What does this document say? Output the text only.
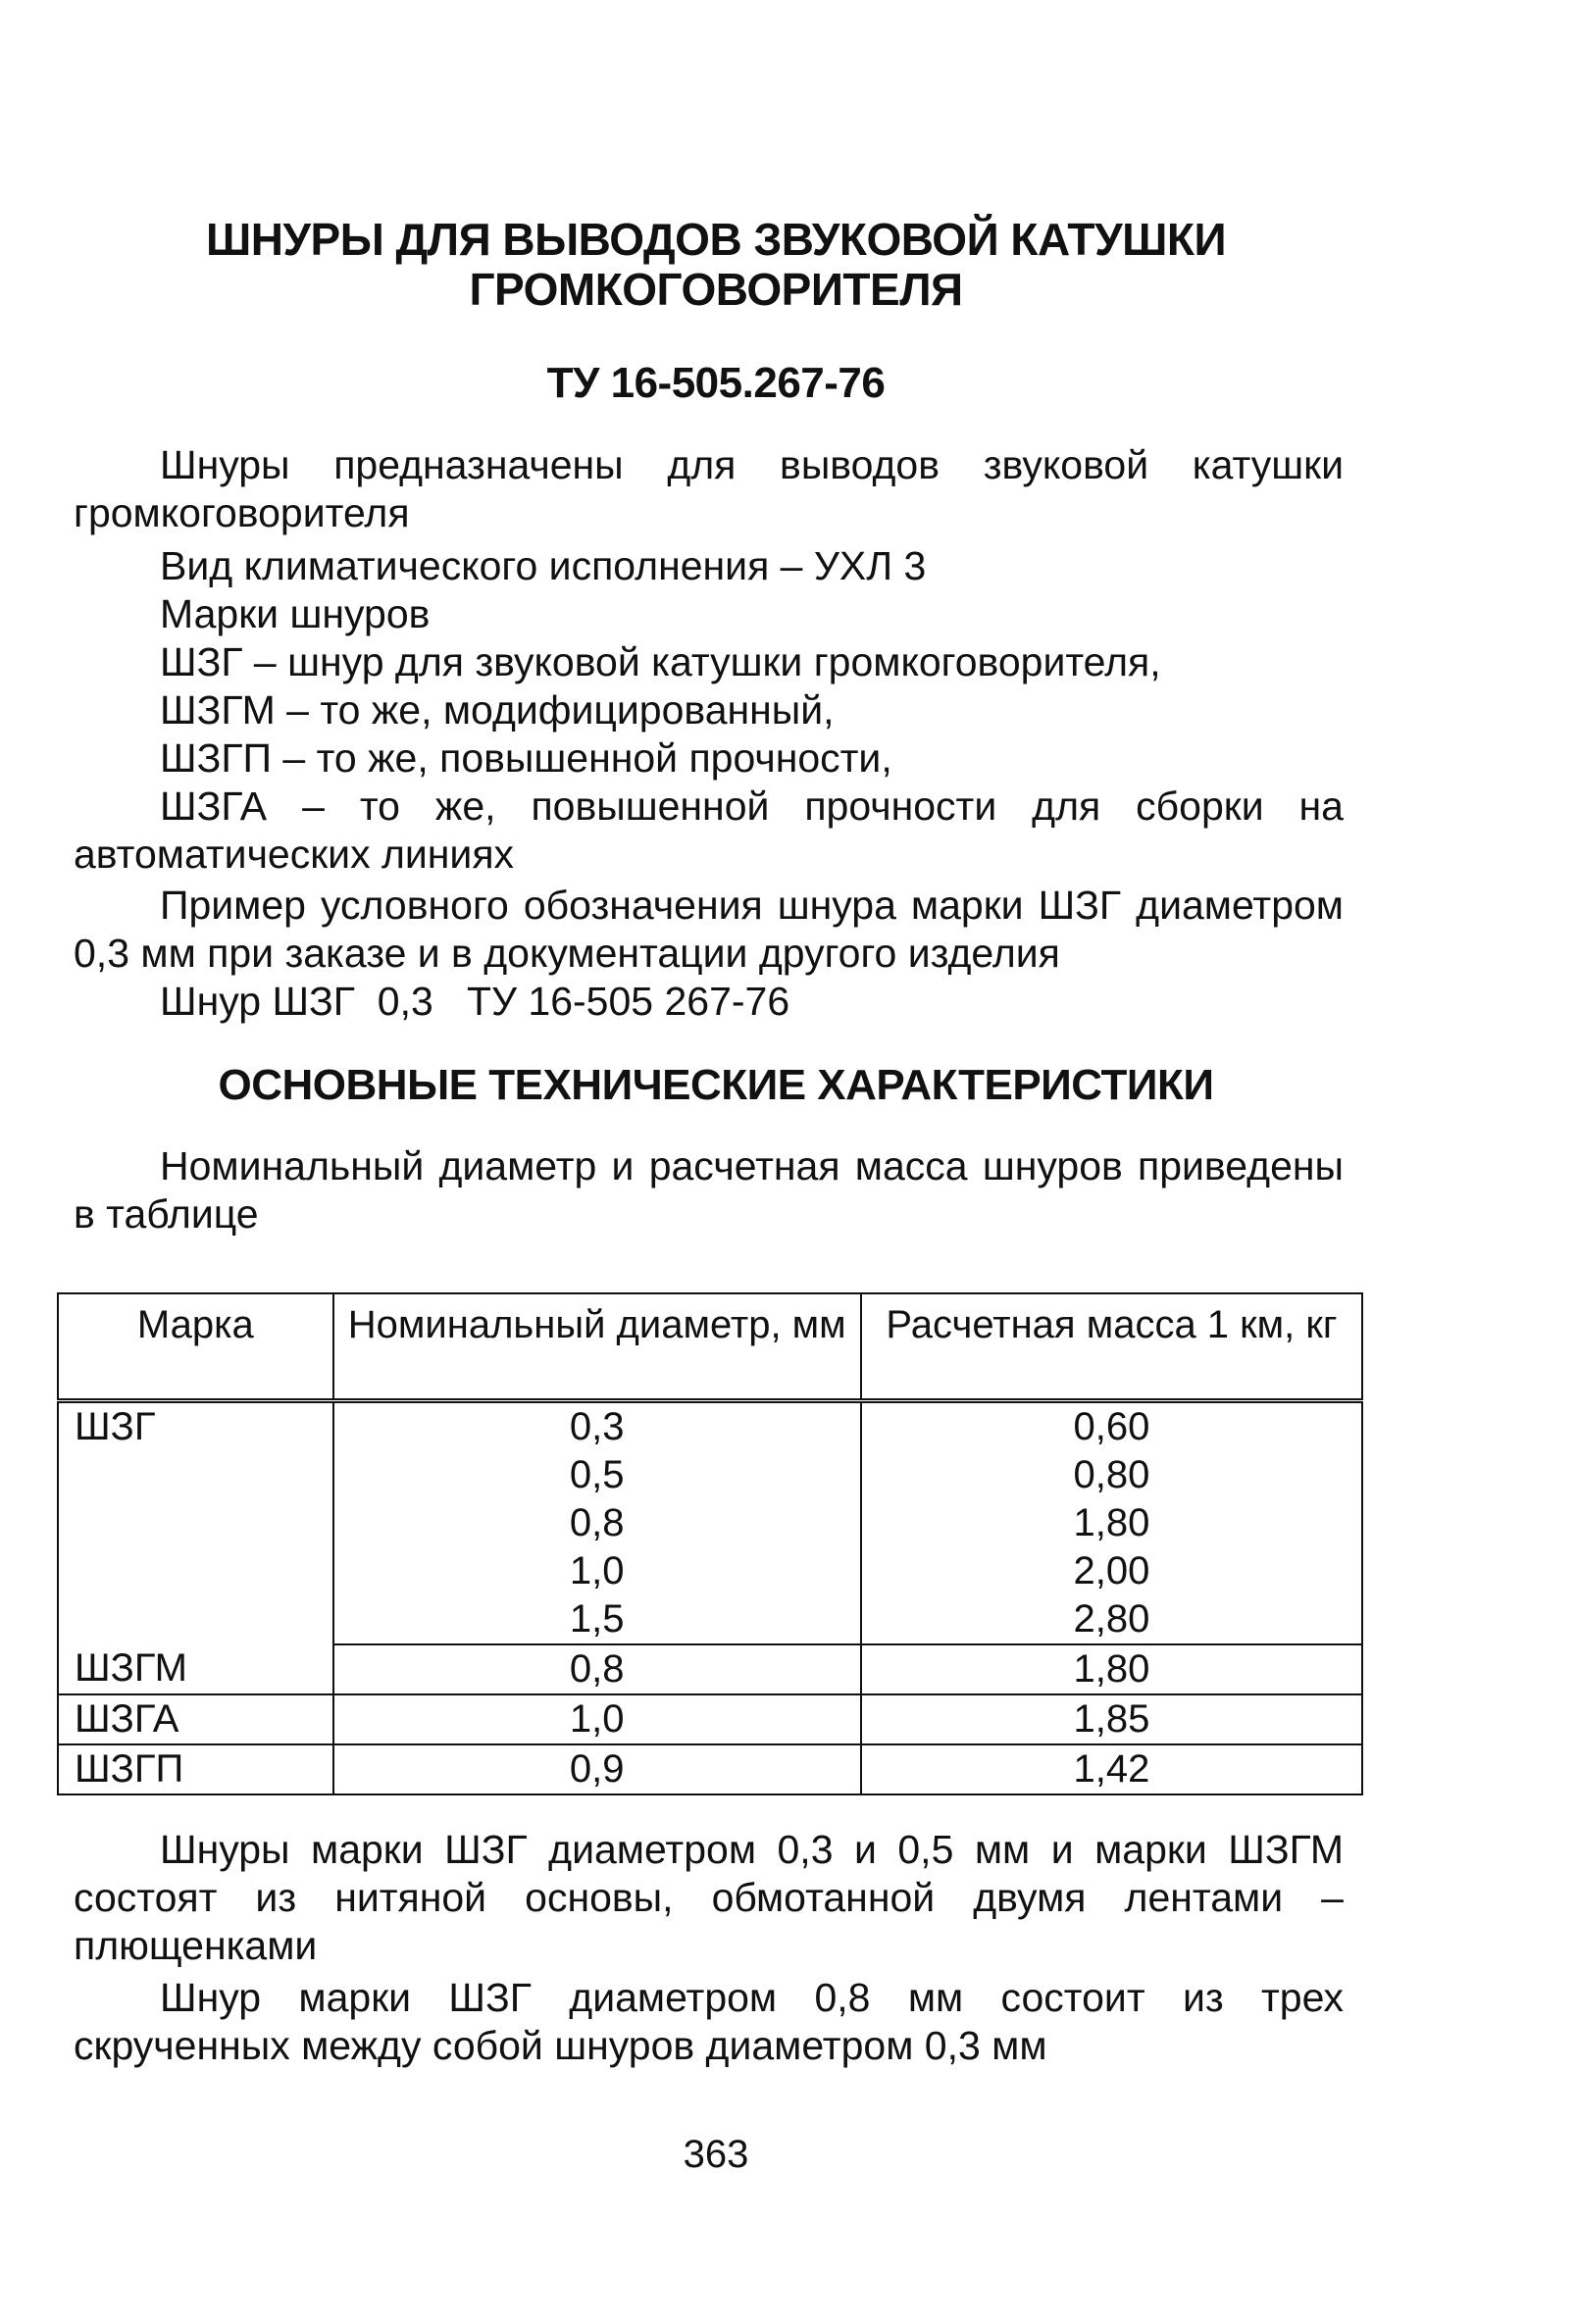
ШНУРЫ ДЛЯ ВЫВОДОВ ЗВУКОВОЙ КАТУШКИ
ГРОМКОГОВОРИТЕЛЯ
ТУ 16-505.267-76

Шнуры предназначены для выводов звуковой катушки громкоговорителя

Вид климатического исполнения – УХЛ 3

Марки шнуров

ШЗГ – шнур для звуковой катушки громкоговорителя,

ШЗГМ – то же, модифицированный,

ШЗГП – то же, повышенной прочности,

ШЗГА – то же, повышенной прочности для сборки на автоматических линиях

Пример условного обозначения шнура марки ШЗГ диаметром 0,3 мм при заказе и в документации другого изделия

Шнур ШЗГ  0,3   ТУ 16-505 267-76

ОСНОВНЫЕ ТЕХНИЧЕСКИЕ ХАРАКТЕРИСТИКИ

Номинальный диаметр и расчетная масса шнуров приведены в таблице

Марка	Номинальный диаметр, мм	Расчетная масса 1 км, кг
ШЗГ	0,3	0,60
	0,5	0,80
	0,8	1,80
	1,0	2,00
	1,5	2,80
ШЗГМ	0,8	1,80
ШЗГА	1,0	1,85
ШЗГП	0,9	1,42

Шнуры марки ШЗГ диаметром 0,3 и 0,5 мм и марки ШЗГМ состоят из нитяной основы, обмотанной двумя лентами – плющенками

Шнур марки ШЗГ диаметром 0,8 мм состоит из трех скрученных между собой шнуров диаметром 0,3 мм

363
